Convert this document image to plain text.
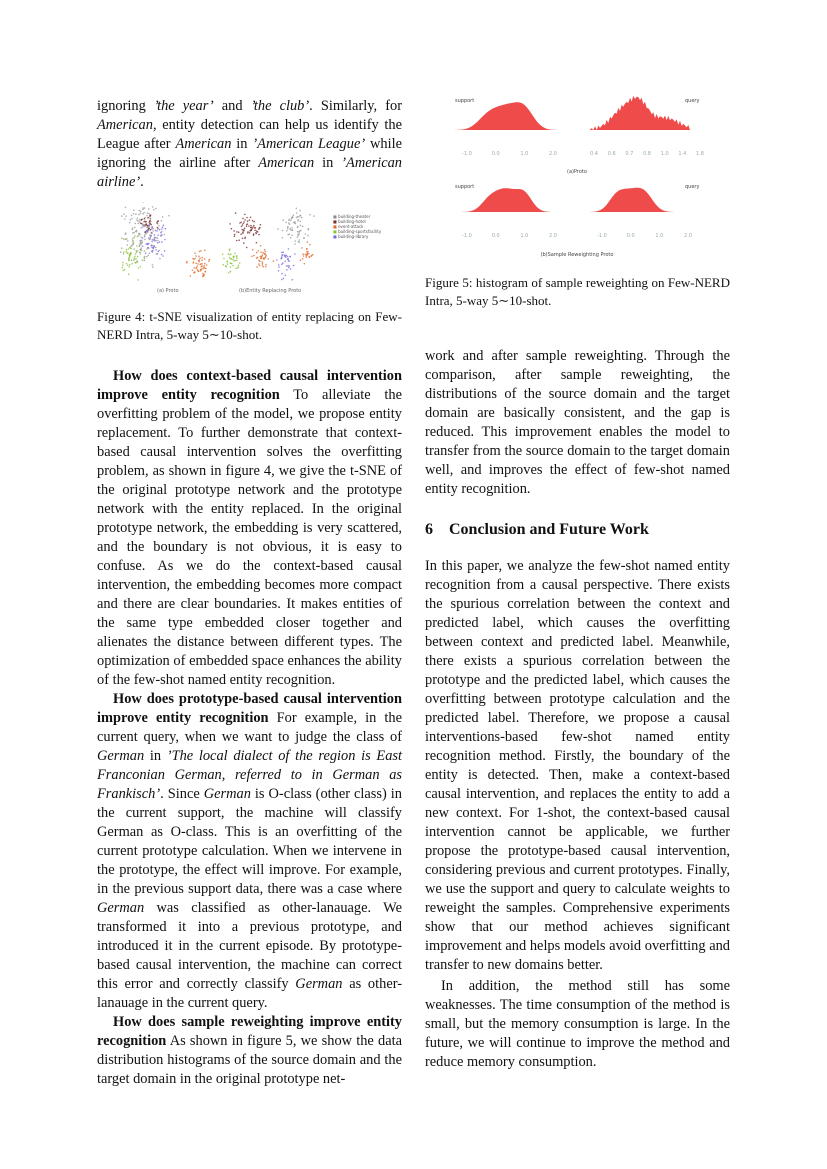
ignoring ’the year’ and ’the club’. Similarly, for American, entity detection can help us identify the League after American in ’American League’ while ignoring the airline after American in ’American airline’.

■ building-theater
■ building-hotel
■ event-attack
■ building-sportsfacility
■ building-library
(a) Proto	(b)Entity Replacing Proto

Figure 4: t-SNE visualization of entity replacing on Few-NERD Intra, 5-way 5∼10-shot.

How does context-based causal intervention improve entity recognition To alleviate the overfitting problem of the model, we propose entity replacement. To further demonstrate that context-based causal intervention solves the overfitting problem, as shown in figure 4, we give the t-SNE of the original prototype network and the prototype network with the entity replaced. In the original prototype network, the embedding is very scattered, and the boundary is not obvious, it is easy to confuse. As we do the context-based causal intervention, the embedding becomes more compact and there are clear boundaries. It makes entities of the same type embedded closer together and alienates the distance between different types. The optimization of embedded space enhances the ability of the few-shot named entity recognition.

How does prototype-based causal intervention improve entity recognition For example, in the current query, when we want to judge the class of German in ’The local dialect of the region is East Franconian German, referred to in German as Frankisch’. Since German is O-class (other class) in the current support, the machine will classify German as O-class. This is an overfitting of the current prototype calculation. When we intervene in the prototype, the effect will improve. For example, in the previous support data, there was a case where German was classified as other-lanauage. We transformed it into a previous prototype, and introduced it in the current episode. By prototype-based causal intervention, the machine can correct this error and correctly classify German as other-lanauage in the current query.

How does sample reweighting improve entity recognition As shown in figure 5, we show the data distribution histograms of the source domain and the target domain in the original prototype net-

support	query
-1.0	0.0	1.0	2.0	0.4 0.6 0.7 0.8 1.0 1.4 1.8
(a)Proto
support	query
-1.0	0.0	1.0	2.0	-1.0	0.0	1.0	2.0
(b)Sample Reweighting Proto

Figure 5: histogram of sample reweighting on Few-NERD Intra, 5-way 5∼10-shot.

work and after sample reweighting. Through the comparison, after sample reweighting, the distributions of the source domain and the target domain are basically consistent, and the gap is reduced. This improvement enables the model to transfer from the source domain to the target domain well, and improves the effect of few-shot named entity recognition.

6 Conclusion and Future Work

In this paper, we analyze the few-shot named entity recognition from a causal perspective. There exists the spurious correlation between the context and predicted label, which causes the overfitting between context and predicted label. Meanwhile, there exists a spurious correlation between the prototype and the predicted label, which causes the overfitting between prototype calculation and the predicted label. Therefore, we propose a causal interventions-based few-shot named entity recognition method. Firstly, the boundary of the entity is detected. Then, make a context-based causal intervention, and replaces the entity to add a new context. For 1-shot, the context-based causal intervention cannot be applicable, we further propose the prototype-based causal intervention, considering previous and current prototypes. Finally, we use the support and query to calculate weights to reweight the samples. Comprehensive experiments show that our method achieves significant improvement and helps models avoid overfitting and transfer to new domains better.

In addition, the method still has some weaknesses. The time consumption of the method is small, but the memory consumption is large. In the future, we will continue to improve the method and reduce memory consumption.
